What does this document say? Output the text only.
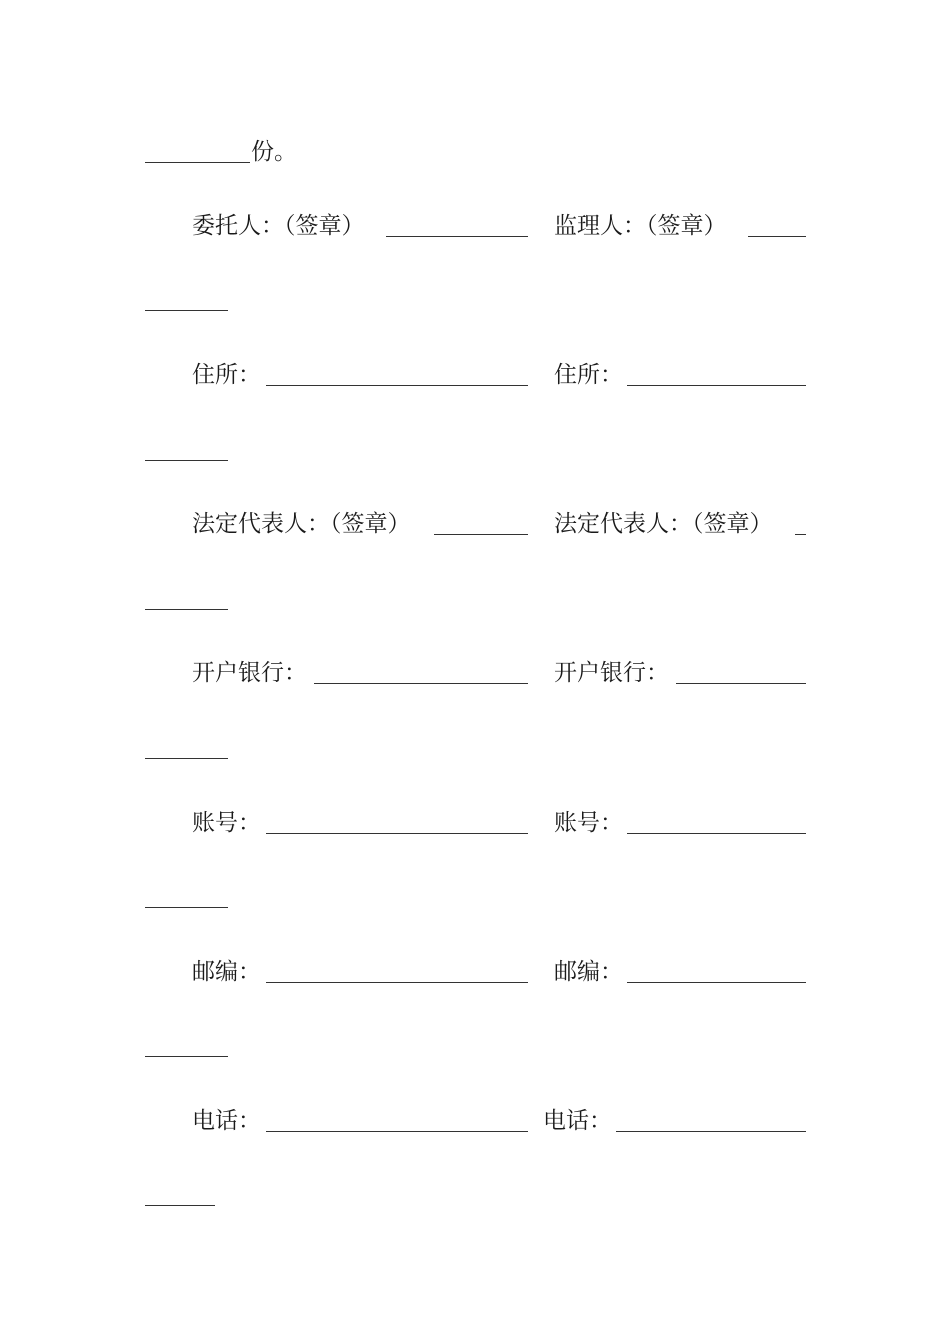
份。
委托人：（签章）	监理人：（签章）
住所：	住所：
法定代表人：（签章）	法定代表人：（签章）
开户银行：	开户银行：
账号：	账号：
邮编：	邮编：
电话：	电话：
